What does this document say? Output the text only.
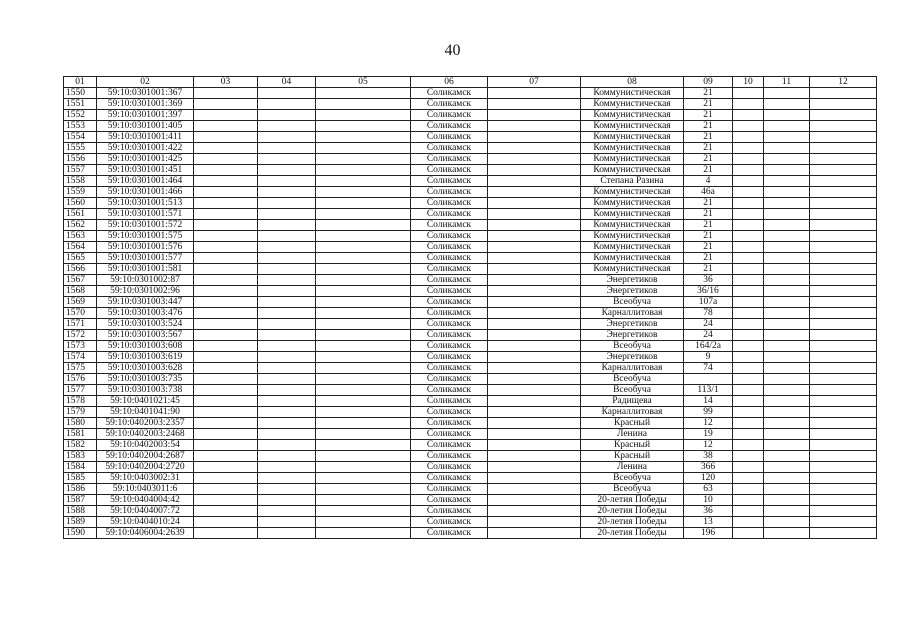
40
01	02	03	04	05	06	07	08	09	10	11	12
1550	59:10:0301001:367				Соликамск		Коммунистическая	21			
1551	59:10:0301001:369				Соликамск		Коммунистическая	21			
1552	59:10:0301001:397				Соликамск		Коммунистическая	21			
1553	59:10:0301001:405				Соликамск		Коммунистическая	21			
1554	59:10:0301001:411				Соликамск		Коммунистическая	21			
1555	59:10:0301001:422				Соликамск		Коммунистическая	21			
1556	59:10:0301001:425				Соликамск		Коммунистическая	21			
1557	59:10:0301001:451				Соликамск		Коммунистическая	21			
1558	59:10:0301001:464				Соликамск		Степана Разина	4			
1559	59:10:0301001:466				Соликамск		Коммунистическая	46а			
1560	59:10:0301001:513				Соликамск		Коммунистическая	21			
1561	59:10:0301001:571				Соликамск		Коммунистическая	21			
1562	59:10:0301001:572				Соликамск		Коммунистическая	21			
1563	59:10:0301001:575				Соликамск		Коммунистическая	21			
1564	59:10:0301001:576				Соликамск		Коммунистическая	21			
1565	59:10:0301001:577				Соликамск		Коммунистическая	21			
1566	59:10:0301001:581				Соликамск		Коммунистическая	21			
1567	59:10:0301002:87				Соликамск		Энергетиков	36			
1568	59:10:0301002:96				Соликамск		Энергетиков	36/16			
1569	59:10:0301003:447				Соликамск		Всеобуча	107а			
1570	59:10:0301003:476				Соликамск		Карналлитовая	78			
1571	59:10:0301003:524				Соликамск		Энергетиков	24			
1572	59:10:0301003:567				Соликамск		Энергетиков	24			
1573	59:10:0301003:608				Соликамск		Всеобуча	164/2а			
1574	59:10:0301003:619				Соликамск		Энергетиков	9			
1575	59:10:0301003:628				Соликамск		Карналлитовая	74			
1576	59:10:0301003:735				Соликамск		Всеобуча				
1577	59:10:0301003:738				Соликамск		Всеобуча	113/1			
1578	59:10:0401021:45				Соликамск		Радищева	14			
1579	59:10:0401041:90				Соликамск		Карналлитовая	99			
1580	59:10:0402003:2357				Соликамск		Красный	12			
1581	59:10:0402003:2468				Соликамск		Ленина	19			
1582	59:10:0402003:54				Соликамск		Красный	12			
1583	59:10:0402004:2687				Соликамск		Красный	38			
1584	59:10:0402004:2720				Соликамск		Ленина	366			
1585	59:10:0403002:31				Соликамск		Всеобуча	120			
1586	59:10:0403011:6				Соликамск		Всеобуча	63			
1587	59:10:0404004:42				Соликамск		20-летия Победы	10			
1588	59:10:0404007:72				Соликамск		20-летия Победы	36			
1589	59:10:0404010:24				Соликамск		20-летия Победы	13			
1590	59:10:0406004:2639				Соликамск		20-летия Победы	196			
